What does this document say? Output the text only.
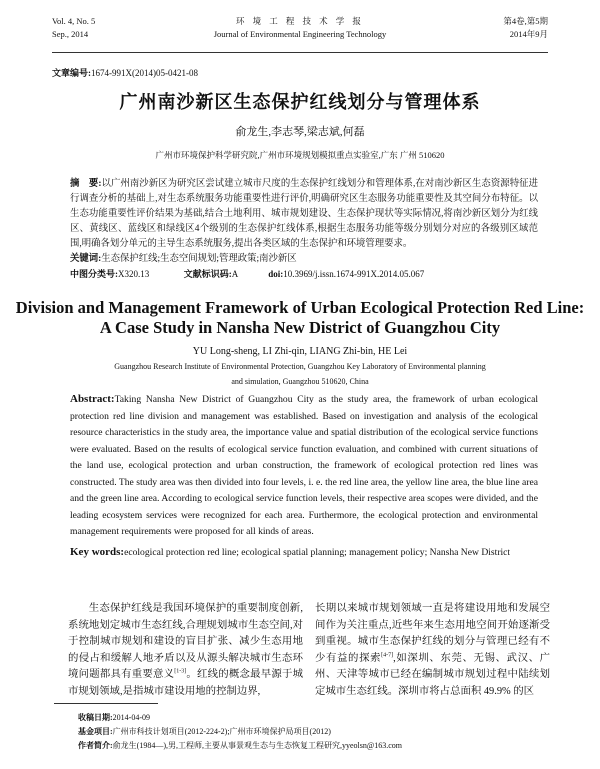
Vol. 4, No. 5
Sep., 2014
环 境 工 程 技 术 学 报
Journal of Environmental Engineering Technology
第4卷,第5期
2014年9月
文章编号:1674-991X(2014)05-0421-08
广州南沙新区生态保护红线划分与管理体系
俞龙生,李志琴,梁志斌,何磊
广州市环境保护科学研究院,广州市环境规划模拟重点实验室,广东 广州 510620
摘　要:以广州南沙新区为研究区尝试建立城市尺度的生态保护红线划分和管理体系,在对南沙新区生态资源特征进行调查分析的基础上,对生态系统服务功能重要性进行评价,明确研究区生态服务功能重要性及其空间分布特征。以生态功能重要性评价结果为基础,结合土地利用、城市规划建设、生态保护现状等实际情况,将南沙新区划分为红线区、黄线区、蓝线区和绿线区4个级别的生态保护红线体系,根据生态服务功能等级分别划分对应的各级别区域范围,明确各划分单元的主导生态系统服务,提出各类区域的生态保护和环境管理要求。
关键词:生态保护红线;生态空间规划;管理政策;南沙新区
中图分类号:X320.13	文献标识码:A	doi:10.3969/j.issn.1674-991X.2014.05.067
Division and Management Framework of Urban Ecological Protection Red Line:
A Case Study in Nansha New District of Guangzhou City
YU Long-sheng, LI Zhi-qin, LIANG Zhi-bin, HE Lei
Guangzhou Research Institute of Environmental Protection, Guangzhou Key Laboratory of Environmental planning
and simulation, Guangzhou 510620, China
Abstract:Taking Nansha New District of Guangzhou City as the study area, the framework of urban ecological protection red line division and management was established. Based on investigation and analysis of the ecological resource characteristics in the study area, the importance value and spatial distribution of the ecological service functions were evaluated. Based on the results of ecological service function evaluation, and combined with current situations of the land use, ecological protection and urban construction, the framework of ecological protection red lines was constructed. The study area was then divided into four levels, i. e. the red line area, the yellow line area, the blue line area and the green line area. According to ecological service function levels, their respective area scopes were divided, and the leading ecosystem services were recognized for each area. Furthermore, the ecological protection and environmental management requirements were proposed for all kinds of areas.
Key words:ecological protection red line; ecological spatial planning; management policy; Nansha New District
生态保护红线是我国环境保护的重要制度创新,系统地划定城市生态红线,合理规划城市生态空间,对于控制城市规划和建设的盲目扩张、减少生态用地的侵占和缓解人地矛盾以及从源头解决城市生态环境问题都具有重要意义[1-3]。红线的概念最早源于城市规划领域,是指城市建设用地的控制边界,
长期以来城市规划领域一直是将建设用地和发展空间作为关注重点,近些年来生态用地空间开始逐渐受到重视。城市生态保护红线的划分与管理已经有不少有益的探索[4-7],如深圳、东莞、无锡、武汉、广州、天津等城市已经在编制城市规划过程中陆续划定城市生态红线。深圳市将占总面积 49.9% 的区
收稿日期:2014-04-09
基金项目:广州市科技计划项目(2012-224-2);广州市环境保护局项目(2012)
作者简介:俞龙生(1984—),男,工程师,主要从事景观生态与生态恢复工程研究,yyeolsn@163.com
